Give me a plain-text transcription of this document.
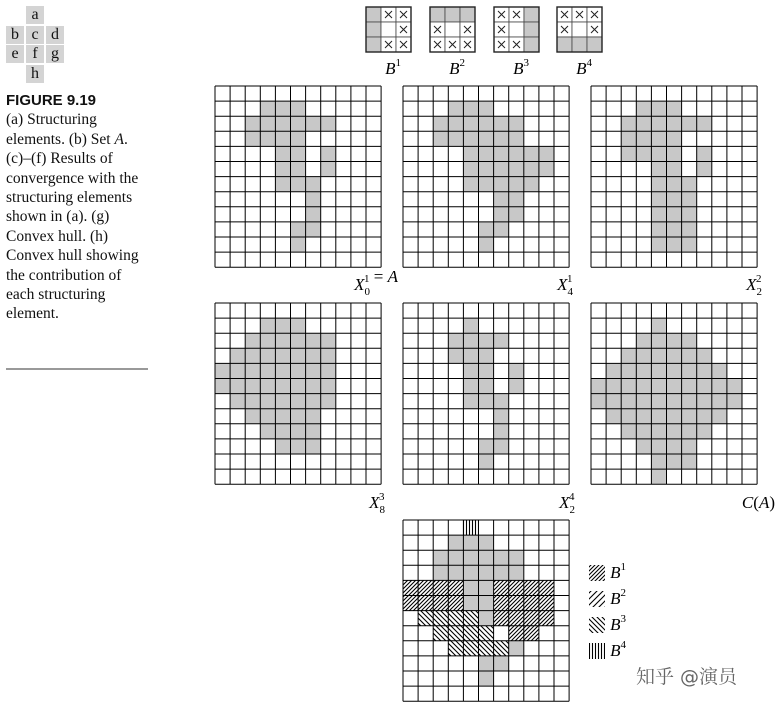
a
b c d
e f g
h
FIGURE 9.19
(a) Structuring elements. (b) Set A. (c)–(f) Results of convergence with the structuring elements shown in (a). (g) Convex hull. (h) Convex hull showing the contribution of each structuring element.
$B^1$	$B^2$	$B^3$	$B^4$
$X_01 = A$	$X_41$	$X_22$
$X_83$	$X_24$	C(A)
$B^1$
$B^2$
$B^3$
$B^4$
知乎 @演员
